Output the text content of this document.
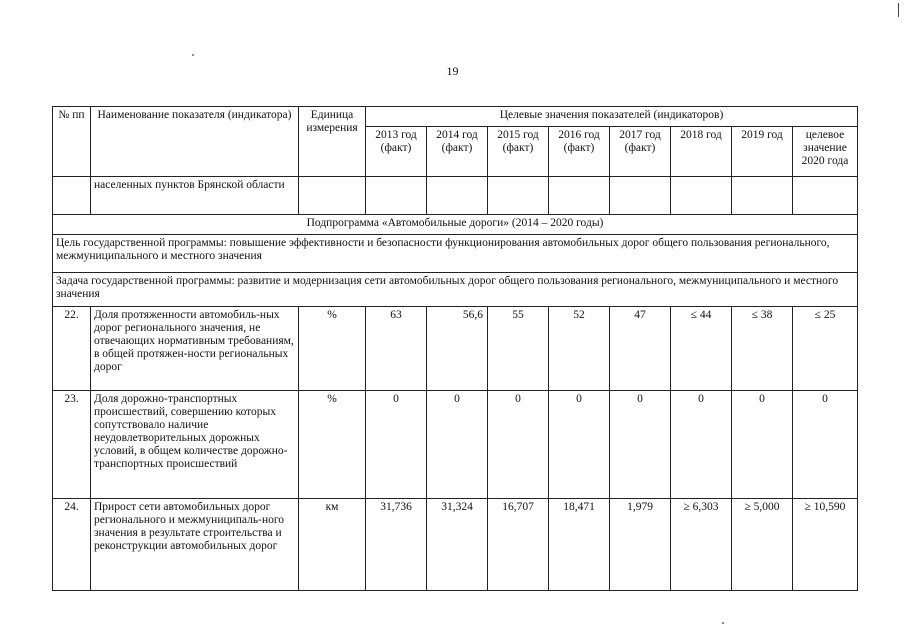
19
№ пп	Наименование показателя (индикатора)	Единица измерения	Целевые значения показателей (индикаторов)							
			2013 год (факт)	2014 год (факт)	2015 год (факт)	2016 год (факт)	2017 год (факт)	2018 год	2019 год	целевое значение 2020 года
	населенных пунктов Брянской области									
Подпрограмма «Автомобильные дороги» (2014 – 2020 годы)										
Цель государственной программы: повышение эффективности и безопасности функционирования автомобильных дорог общего пользования регионального, межмуниципального и местного значения										
Задача государственной программы: развитие и модернизация сети автомобильных дорог общего пользования регионального, межмуниципального и местного значения										
22.	Доля протяженности автомобиль-ных дорог регионального значения, не отвечающих нормативным требованиям, в общей протяжен-ности региональных дорог	%	63	56,6	55	52	47	≤ 44	≤ 38	≤ 25
23.	Доля дорожно-транспортных происшествий, совершению которых сопутствовало наличие неудовлетворительных дорожных условий, в общем количестве дорожно-транспортных происшествий	%	0	0	0	0	0	0	0	0
24.	Прирост сети автомобильных дорог регионального и межмуниципаль-ного значения в результате строительства и реконструкции автомобильных дорог	км	31,736	31,324	16,707	18,471	1,979	≥ 6,303	≥ 5,000	≥ 10,590
